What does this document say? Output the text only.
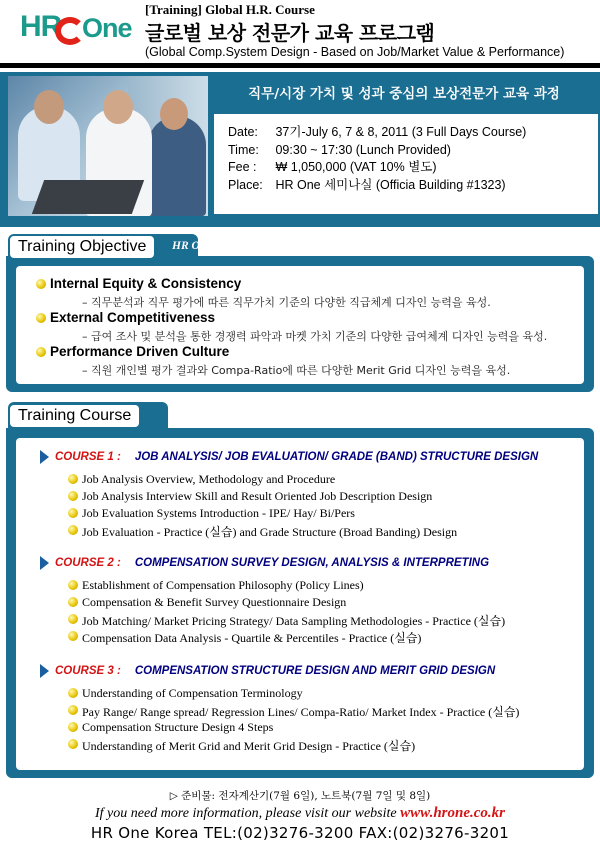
HR One
[Training] Global H.R. Course
글로벌 보상 전문가 교육 프로그램
(Global Comp.System Design - Based on Job/Market Value & Performance)
직무/시장 가치 및 성과 중심의 보상전문가 교육 과정
Date: 37기-July 6, 7 & 8, 2011 (3 Full Days Course)
Time: 09:30 ~ 17:30 (Lunch Provided)
Fee : ₩ 1,050,000 (VAT 10% 별도)
Place: HR One 세미나실 (Officia Building #1323)
Training Objective	HR One Provides Professional and Practical HR Training Programs.
Internal Equity & Consistency
– 직무분석과 직무 평가에 따른 직무가치 기준의 다양한 직급체계 디자인 능력을 육성.
External Competitiveness
– 급여 조사 및 분석을 통한 경쟁력 파악과 마켓 가치 기준의 다양한 급여체계 디자인 능력을 육성.
Performance Driven Culture
– 직원 개인별 평가 결과와 Compa-Ratio에 따른 다양한 Merit Grid 디자인 능력을 육성.
Training Course
COURSE 1 : JOB ANALYSIS/ JOB EVALUATION/ GRADE (BAND) STRUCTURE DESIGN
Job Analysis Overview, Methodology and Procedure
Job Analysis Interview Skill and Result Oriented Job Description Design
Job Evaluation Systems Introduction - IPE/ Hay/ Bi/Pers
Job Evaluation - Practice (실습) and Grade Structure (Broad Banding) Design
COURSE 2 : COMPENSATION SURVEY DESIGN, ANALYSIS & INTERPRETING
Establishment of Compensation Philosophy (Policy Lines)
Compensation & Benefit Survey Questionnaire Design
Job Matching/ Market Pricing Strategy/ Data Sampling Methodologies - Practice (실습)
Compensation Data Analysis - Quartile & Percentiles - Practice (실습)
COURSE 3 : COMPENSATION STRUCTURE DESIGN AND MERIT GRID DESIGN
Understanding of Compensation Terminology
Pay Range/ Range spread/ Regression Lines/ Compa-Ratio/ Market Index - Practice (실습)
Compensation Structure Design 4 Steps
Understanding of Merit Grid and Merit Grid Design - Practice (실습)
▷ 준비물: 전자계산기(7월 6일), 노트북(7월 7일 및 8일)
If you need more information, please visit our website www.hrone.co.kr
HR One Korea TEL:(02)3276-3200 FAX:(02)3276-3201
